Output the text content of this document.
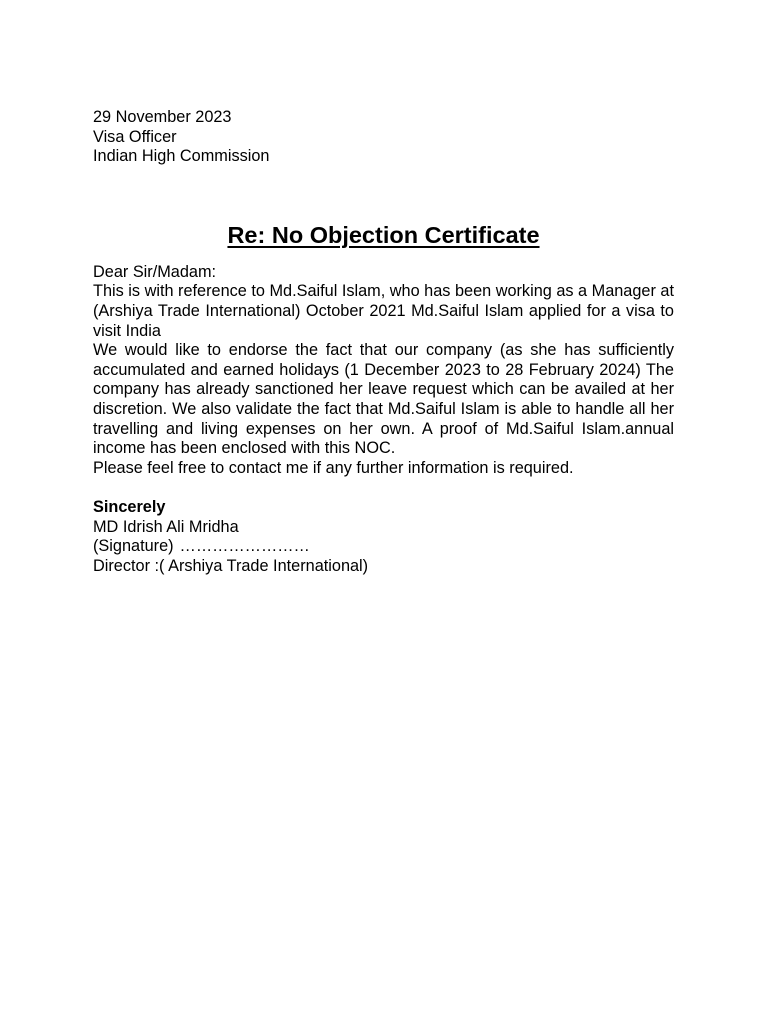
29 November 2023
Visa Officer
Indian High Commission
Re: No Objection Certificate
Dear Sir/Madam:

This is with reference to Md.Saiful Islam, who has been working as a Manager at (Arshiya Trade International) October 2021 Md.Saiful Islam applied for a visa to visit India

We would like to endorse the fact that our company (as she has sufficiently accumulated and earned holidays (1 December 2023 to 28 February 2024) The company has already sanctioned her leave request which can be availed at her discretion. We also validate the fact that Md.Saiful Islam is able to handle all her travelling and living expenses on her own. A proof of Md.Saiful Islam.annual income has been enclosed with this NOC.

Please feel free to contact me if any further information is required.

Sincerely
MD Idrish Ali Mridha
(Signature) ……………………
Director :( Arshiya Trade International)
